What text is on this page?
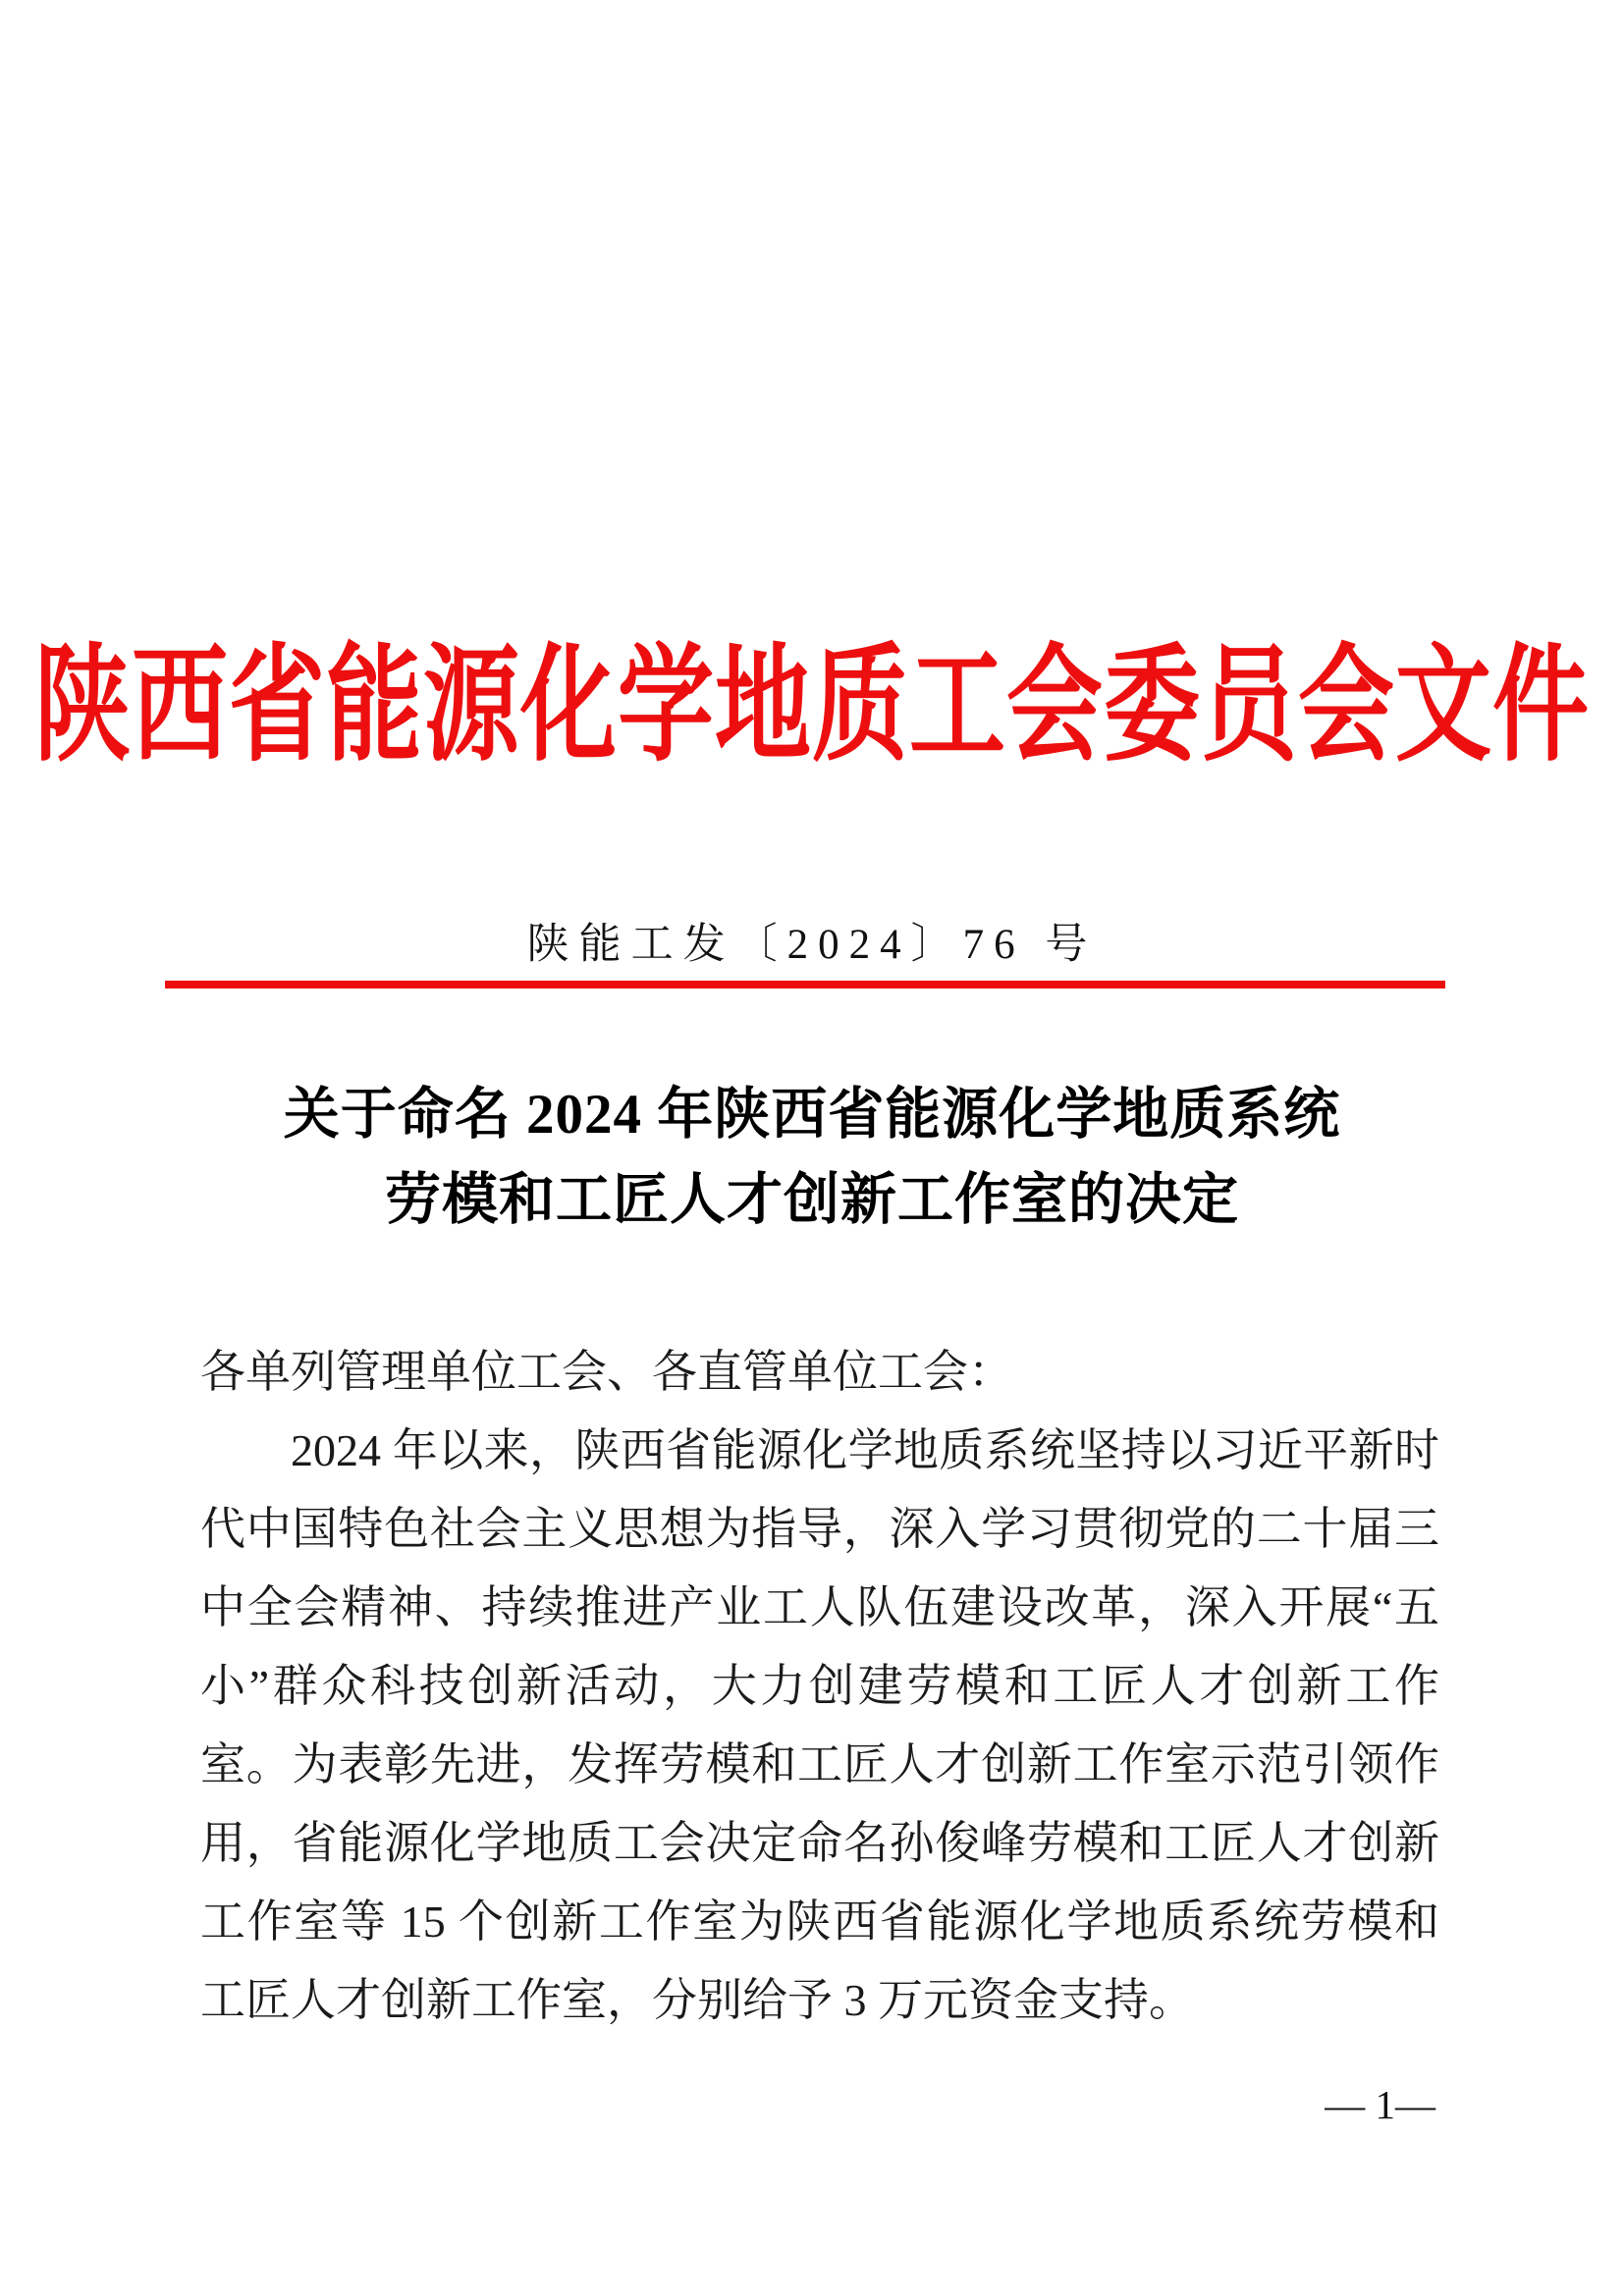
陕西省能源化学地质工会委员会文件
陕能工发〔2024〕76 号
关于命名 2024 年陕西省能源化学地质系统
劳模和工匠人才创新工作室的决定

各单列管理单位工会、各直管单位工会：

2024 年以来，陕西省能源化学地质系统坚持以习近平新时代中国特色社会主义思想为指导，深入学习贯彻党的二十届三中全会精神、持续推进产业工人队伍建设改革，深入开展“五小”群众科技创新活动，大力创建劳模和工匠人才创新工作室。为表彰先进，发挥劳模和工匠人才创新工作室示范引领作用，省能源化学地质工会决定命名孙俊峰劳模和工匠人才创新工作室等 15 个创新工作室为陕西省能源化学地质系统劳模和工匠人才创新工作室，分别给予 3 万元资金支持。

— 1—
